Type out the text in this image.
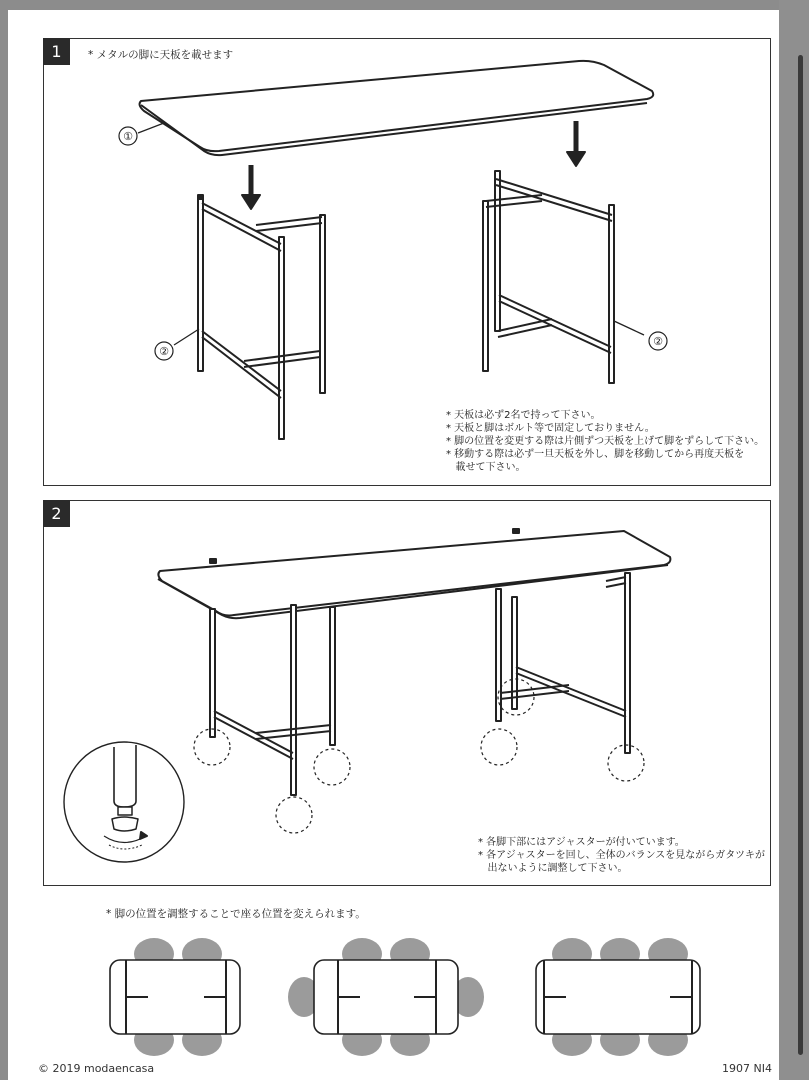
1	* メタルの脚に天板を載せます
①
②
②
* 天板は必ず2名で持って下さい。
* 天板と脚はボルト等で固定しておりません。
* 脚の位置を変更する際は片側ずつ天板を上げて脚をずらして下さい。
* 移動する際は必ず一旦天板を外し、脚を移動してから再度天板を
載せて下さい。
2
* 各脚下部にはアジャスターが付いています。
* 各アジャスターを回し、全体のバランスを見ながらガタツキが
出ないように調整して下さい。
* 脚の位置を調整することで座る位置を変えられます。
© 2019 modaencasa	1907 NI4
